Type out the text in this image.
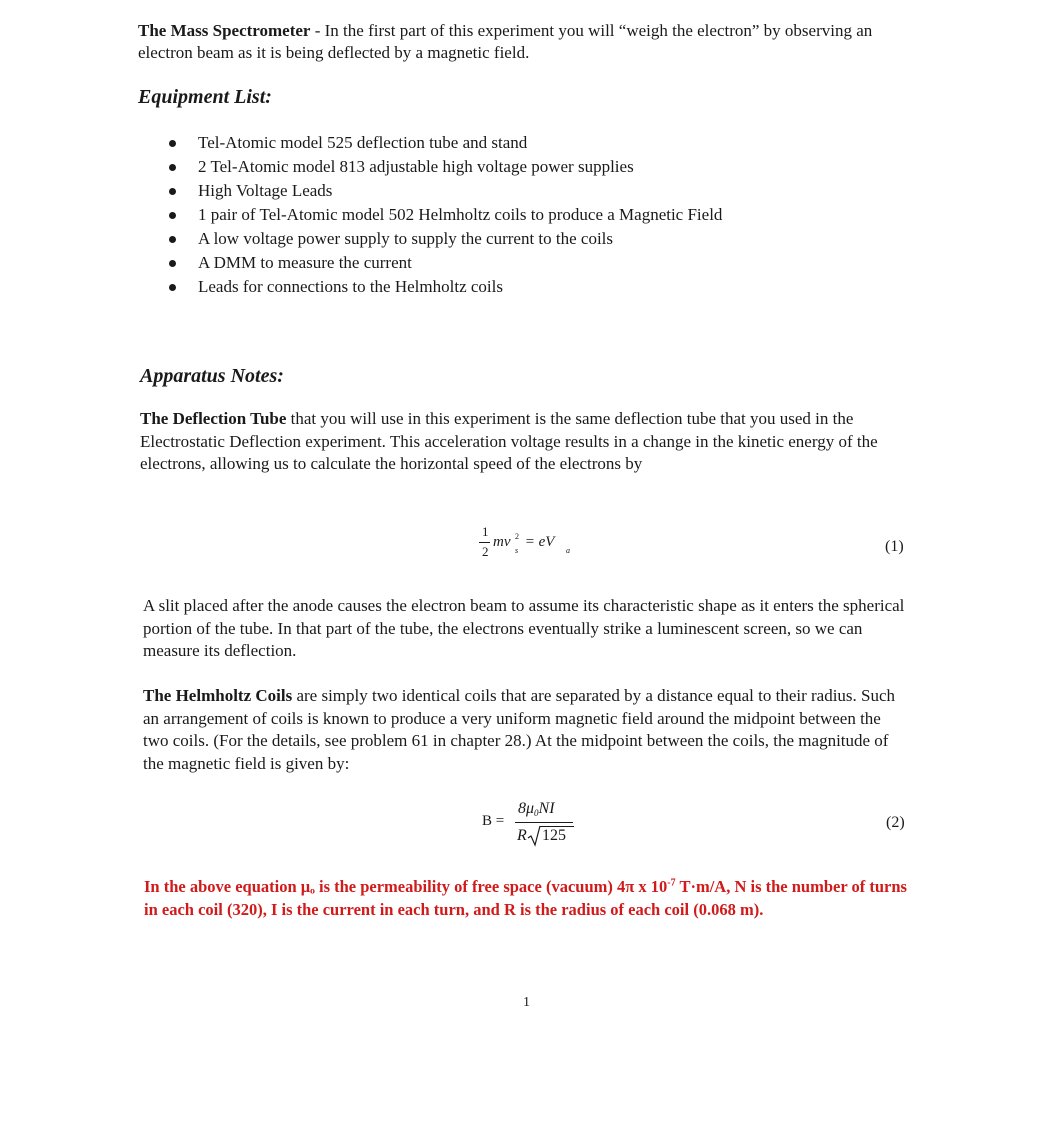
The Mass Spectrometer - In the first part of this experiment you will “weigh the electron” by observing an electron beam as it is being deflected by a magnetic field.
Equipment List:
Tel-Atomic model 525 deflection tube and stand
2 Tel-Atomic model 813 adjustable high voltage power supplies
High Voltage Leads
1 pair of Tel-Atomic model 502 Helmholtz coils to produce a Magnetic Field
A low voltage power supply to supply the current to the coils
A DMM to measure the current
Leads for connections to the Helmholtz coils
Apparatus Notes:
The Deflection Tube that you will use in this experiment is the same deflection tube that you used in the Electrostatic Deflection experiment. This acceleration voltage results in a change in the kinetic energy of the electrons, allowing us to calculate the horizontal speed of the electrons by
1
2
mv 2
s
= eV
a	(1)
A slit placed after the anode causes the electron beam to assume its characteristic shape as it enters the spherical portion of the tube. In that part of the tube, the electrons eventually strike a luminescent screen, so we can measure its deflection.
The Helmholtz Coils are simply two identical coils that are separated by a distance equal to their radius. Such an arrangement of coils is known to produce a very uniform magnetic field around the midpoint between the two coils. (For the details, see problem 61 in chapter 28.) At the midpoint between the coils, the magnitude of the magnetic field is given by:
B =
8μ0NI
R 125
(2)
In the above equation μₒ is the permeability of free space (vacuum) 4π x $10^{-7}$ T·m/A, N is the number of turns in each coil (320), I is the current in each turn, and R is the radius of each coil (0.068 m).
1
